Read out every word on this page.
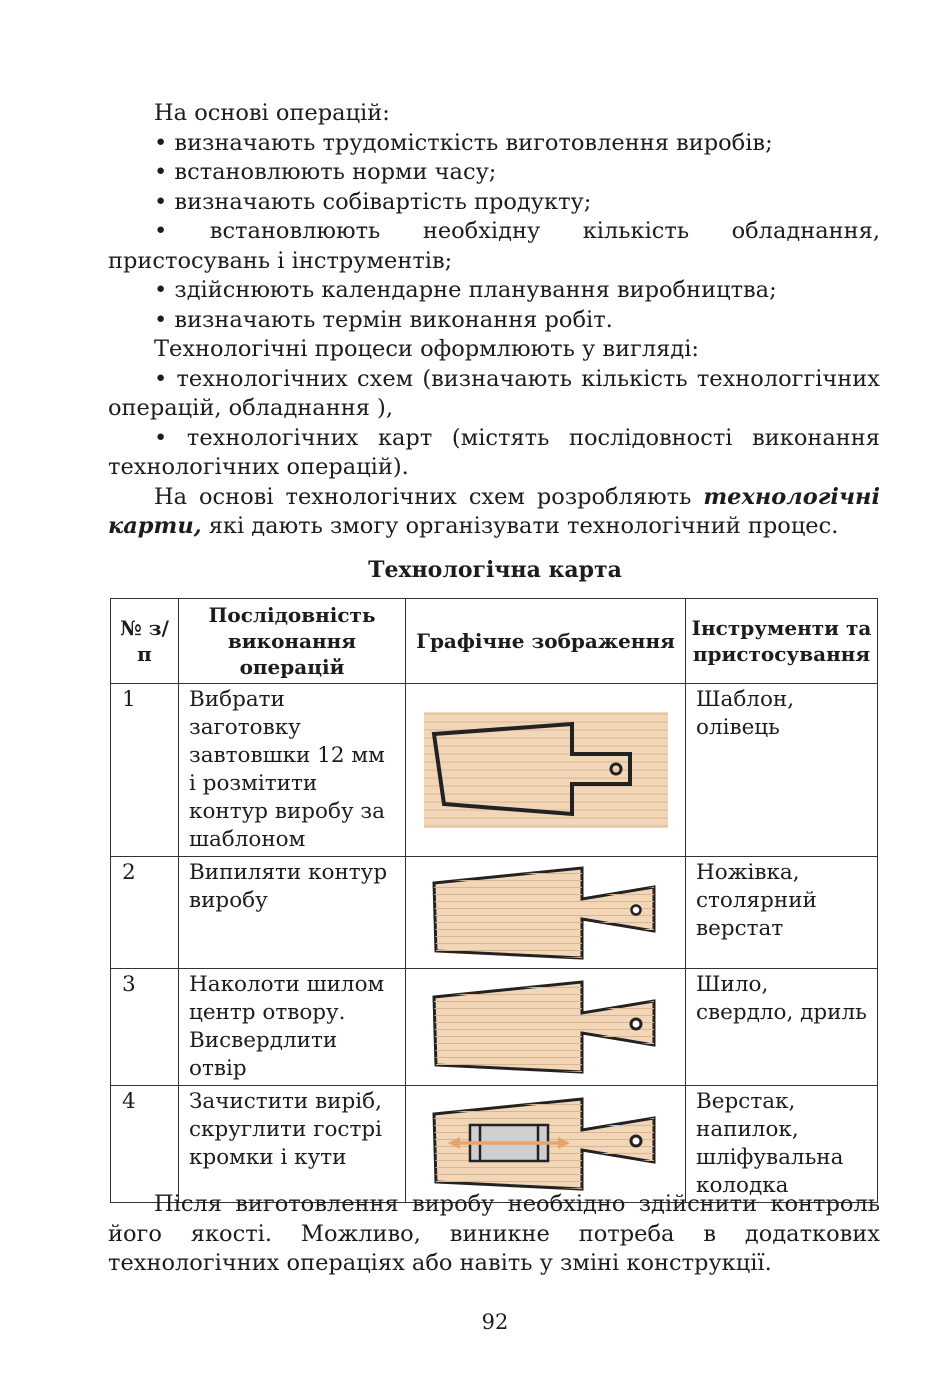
На основі операцій:

• визначають трудомісткість виготовлення виробів;

• встановлюють норми часу;

• визначають собівартість продукту;

• встановлюють необхідну кількість обладнання, пристосувань і інструментів;

• здійснюють календарне планування виробництва;

• визначають термін виконання робіт.

Технологічні процеси оформлюють у вигляді:

• технологічних схем (визначають кількість технологгічних операцій, обладнання ),

• технологічних карт (містять послідовності виконання технологічних операцій).

На основі технологічних схем розробляють технологічні карти, які дають змогу організувати технологічний процес.

Технологічна карта
№ з/п	Послідовність виконання операцій	Графічне зображення	Інструменти та пристосування
1	Вибрати заготовку завтовшки 12 мм і розмітити контур виробу за шаблоном		Шаблон, олівець
2	Випиляти контур виробу		Ножівка, столярний верстат
3	Наколоти шилом центр отвору. Висвердлити отвір		Шило, свердло, дриль
4	Зачистити виріб, скруглити гострі кромки і кути		Верстак, напилок, шліфувальна колодка

Після виготовлення виробу необхідно здійснити контроль його якості. Можливо, виникне потреба в додаткових технологічних операціях або навіть у зміні конструкції.

92
